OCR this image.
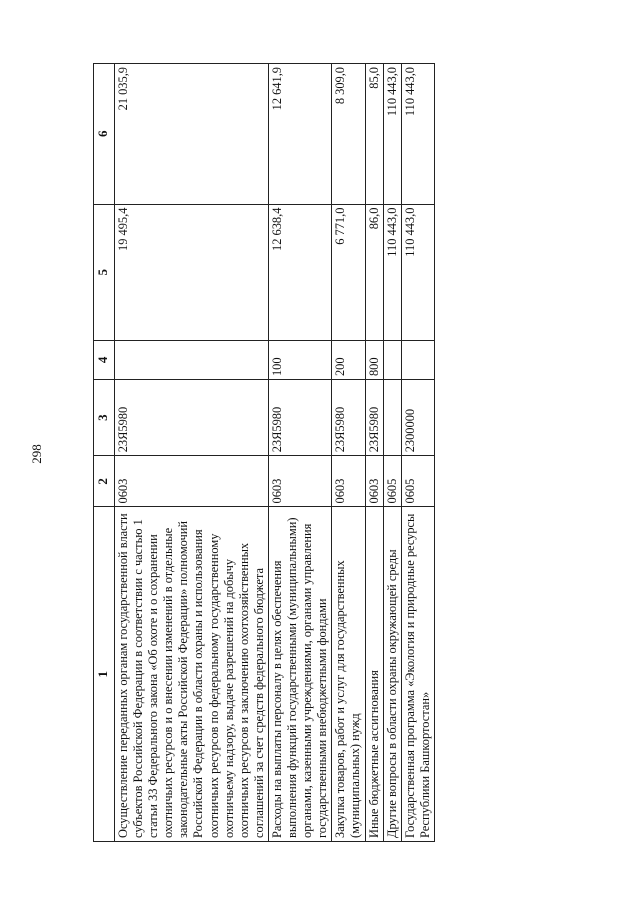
298
1	2	3	4	5	6
Осуществление переданных органам государственной власти субъектов Российской Федерации в соответствии с частью 1 статьи 33 Федерального закона «Об охоте и о сохранении охотничьих ресурсов и о внесении изменений в отдельные законодательные акты Российской Федерации» полномочий Российской Федерации в области охраны и использования охотничьих ресурсов по федеральному государственному охотничьему надзору, выдаче разрешений на добычу охотничьих ресурсов и заключению охотхозяйственных соглашений за счет средств федерального бюджета	0603	23Я5980		19 495,4	21 035,9
Расходы на выплаты персоналу в целях обеспечения выполнения функций государственными (муниципальными) органами, казенными учреждениями, органами управления государственными внебюджетными фондами	0603	23Я5980	100	12 638,4	12 641,9
Закупка товаров, работ и услуг для государственных (муниципальных) нужд	0603	23Я5980	200	6 771,0	8 309,0
Иные бюджетные ассигнования	0603	23Я5980	800	86,0	85,0
Другие вопросы в области охраны окружающей среды	0605			110 443,0	110 443,0
Государственная программа «Экология и природные ресурсы Республики Башкортостан»	0605	2300000		110 443,0	110 443,0
